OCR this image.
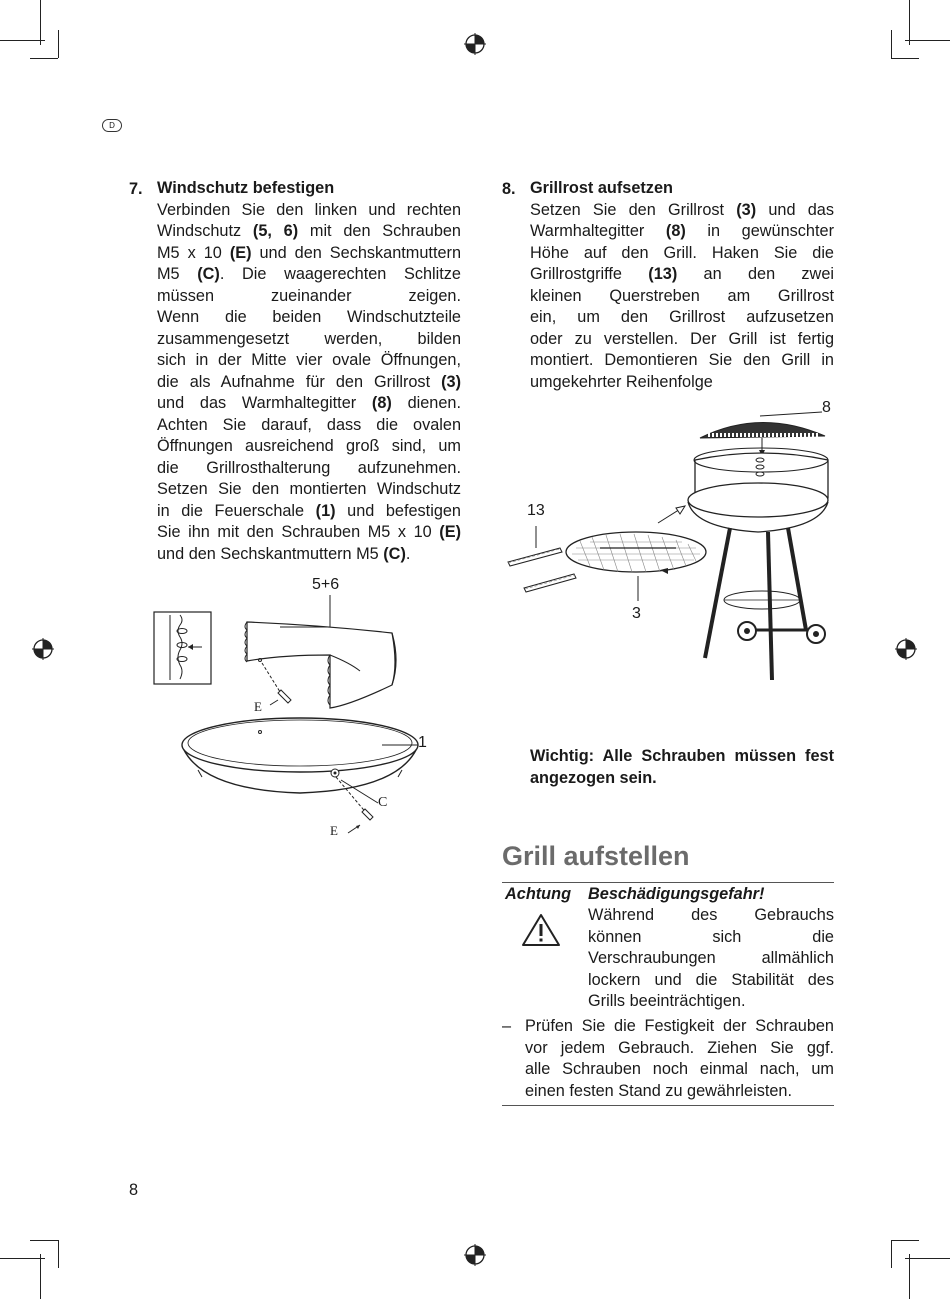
D
7. Windschutz befestigen
Verbinden Sie den linken und rechten
Windschutz (5, 6) mit den Schrauben
M5 x 10 (E) und den Sechskantmuttern
M5 (C). Die waagerechten Schlitze
müssen zueinander zeigen.
Wenn die beiden Windschutzteile
zusammengesetzt werden, bilden
sich in der Mitte vier ovale Öffnungen,
die als Aufnahme für den Grillrost (3)
und das Warmhaltegitter (8) dienen.
Achten Sie darauf, dass die ovalen
Öffnungen ausreichend groß sind, um
die Grillrosthalterung aufzunehmen.
Setzen Sie den montierten Windschutz
in die Feuerschale (1) und befestigen
Sie ihn mit den Schrauben M5 x 10 (E)
und den Sechskantmuttern M5 (C).
8. Grillrost aufsetzen
Setzen Sie den Grillrost (3) und das
Warmhaltegitter (8) in gewünschter
Höhe auf den Grill. Haken Sie die
Grillrostgriffe (13) an den zwei
kleinen Querstreben am Grillrost
ein, um den Grillrost aufzusetzen
oder zu verstellen. Der Grill ist fertig
montiert. Demontieren Sie den Grill in
umgekehrter Reihenfolge
5+6
1
E
C
E
8
13
3
Wichtig: Alle Schrauben müssen fest angezogen sein.
Grill aufstellen
Achtung Beschädigungsgefahr!
Während des Gebrauchs
können sich die
Verschraubungen allmählich
lockern und die Stabilität des
Grills beeinträchtigen.
– Prüfen Sie die Festigkeit der Schrauben
vor jedem Gebrauch. Ziehen Sie ggf.
alle Schrauben noch einmal nach, um
einen festen Stand zu gewährleisten.
8
